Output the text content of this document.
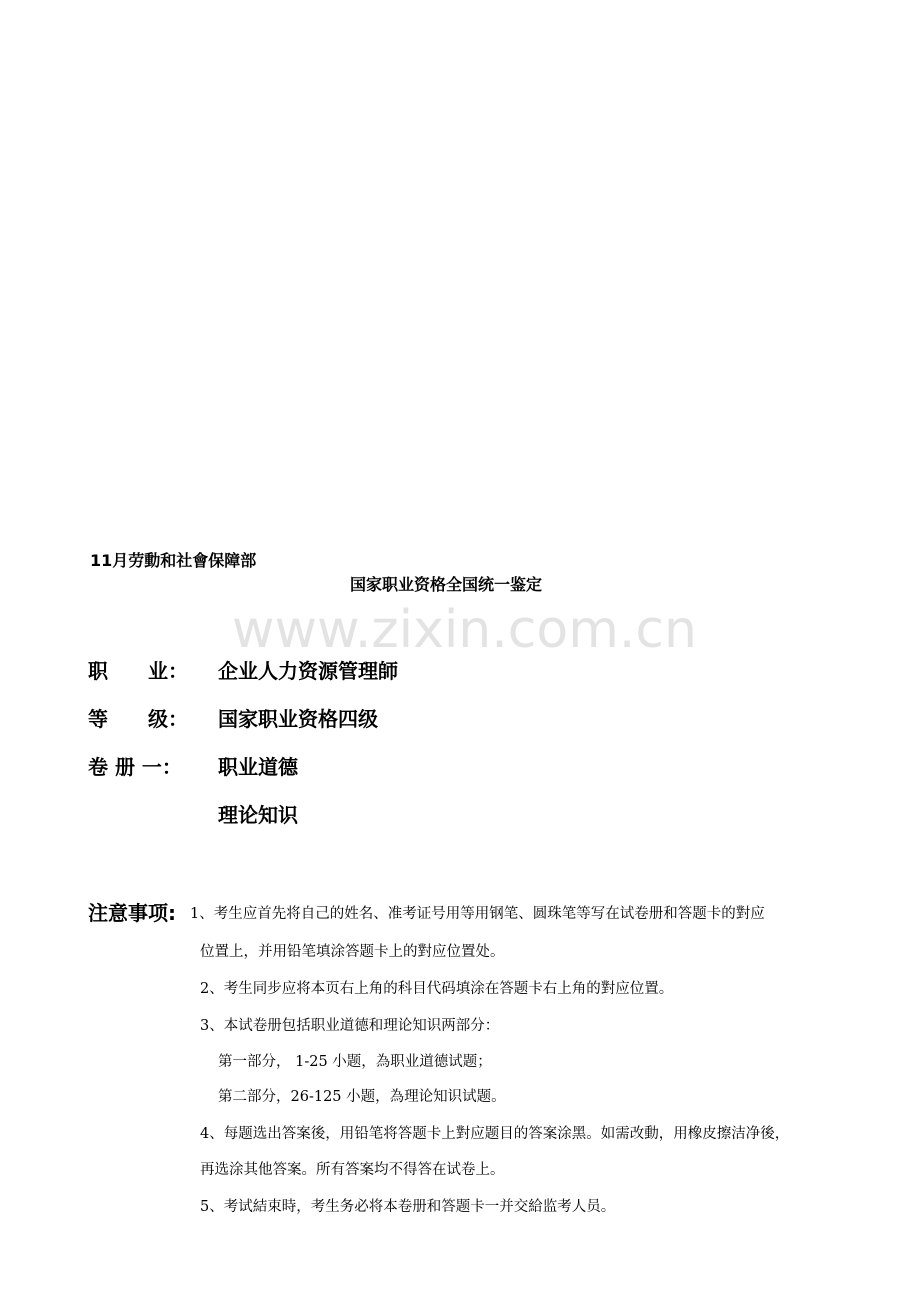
11月劳動和社會保障部
国家职业资格全国统一鉴定
www.zixin.com.cn
职　　业： 企业人力资源管理師
等　　级： 国家职业资格四级
卷 册 一： 职业道德
理论知识
注意事项: 1、考生应首先将自己的姓名、准考证号用等用钢笔、圆珠笔等写在试卷册和答题卡的對应
位置上，并用铅笔填涂答题卡上的對应位置处。
2、考生同步应将本页右上角的科目代码填涂在答题卡右上角的對应位置。
3、本试卷册包括职业道德和理论知识两部分：
第一部分， 1-25 小题，為职业道德试题；
第二部分，26-125 小题，為理论知识试题。
4、每题选出答案後，用铅笔将答题卡上對应题目的答案涂黑。如需改動，用橡皮擦洁净後，
再选涂其他答案。所有答案均不得答在试卷上。
5、考试結束時，考生务必将本卷册和答题卡一并交給监考人员。
